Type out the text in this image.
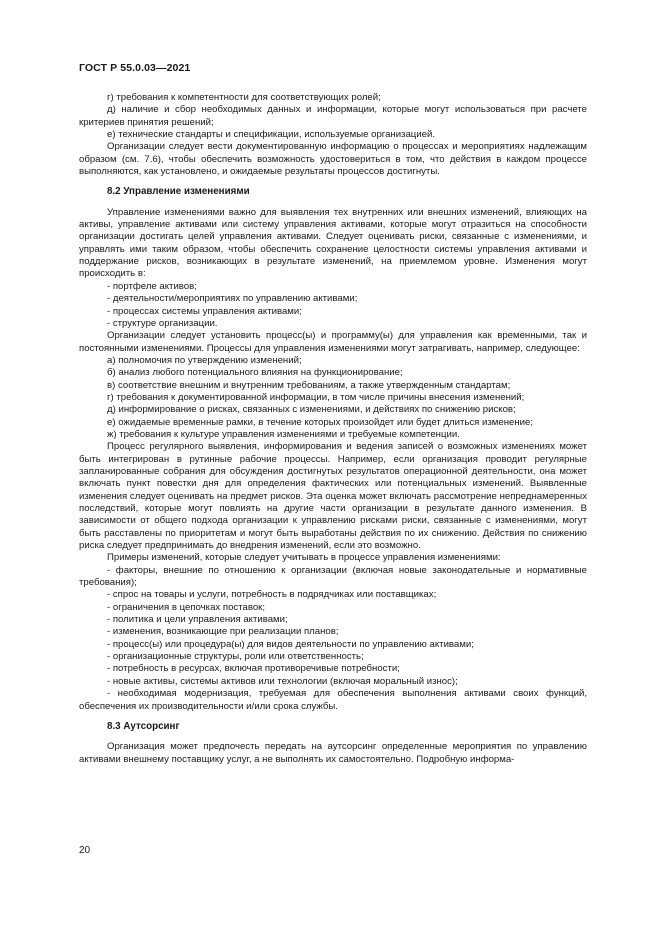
ГОСТ Р 55.0.03—2021

г) требования к компетентности для соответствующих ролей;

д) наличие и сбор необходимых данных и информации, которые могут использоваться при расчете критериев принятия решений;

е) технические стандарты и спецификации, используемые организацией.

Организации следует вести документированную информацию о процессах и мероприятиях надлежащим образом (см. 7.6), чтобы обеспечить возможность удостовериться в том, что действия в каждом процессе выполняются, как установлено, и ожидаемые результаты процессов достигнуты.

8.2 Управление изменениями

Управление изменениями важно для выявления тех внутренних или внешних изменений, влияющих на активы, управление активами или систему управления активами, которые могут отразиться на способности организации достигать целей управления активами. Следует оценивать риски, связанные с изменениями, и управлять ими таким образом, чтобы обеспечить сохранение целостности системы управления активами и поддержание рисков, возникающих в результате изменений, на приемлемом уровне. Изменения могут происходить в:

- портфеле активов;

- деятельности/мероприятиях по управлению активами;

- процессах системы управления активами;

- структуре организации.

Организации следует установить процесс(ы) и программу(ы) для управления как временными, так и постоянными изменениями. Процессы для управления изменениями могут затрагивать, например, следующее:

а) полномочия по утверждению изменений;

б) анализ любого потенциального влияния на функционирование;

в) соответствие внешним и внутренним требованиям, а также утвержденным стандартам;

г) требования к документированной информации, в том числе причины внесения изменений;

д) информирование о рисках, связанных с изменениями, и действиях по снижению рисков;

е) ожидаемые временные рамки, в течение которых произойдет или будет длиться изменение;

ж) требования к культуре управления изменениями и требуемые компетенции.

Процесс регулярного выявления, информирования и ведения записей о возможных изменениях может быть интегрирован в рутинные рабочие процессы. Например, если организация проводит регулярные запланированные собрания для обсуждения достигнутых результатов операционной деятельности, она может включать пункт повестки дня для определения фактических или потенциальных изменений. Выявленные изменения следует оценивать на предмет рисков. Эта оценка может включать рассмотрение непреднамеренных последствий, которые могут повлиять на другие части организации в результате данного изменения. В зависимости от общего подхода организации к управлению рисками риски, связанные с изменениями, могут быть расставлены по приоритетам и могут быть выработаны действия по их снижению. Действия по снижению риска следует предпринимать до внедрения изменений, если это возможно.

Примеры изменений, которые следует учитывать в процессе управления изменениями:

- факторы, внешние по отношению к организации (включая новые законодательные и нормативные требования);

- спрос на товары и услуги, потребность в подрядчиках или поставщиках;

- ограничения в цепочках поставок;

- политика и цели управления активами;

- изменения, возникающие при реализации планов;

- процесс(ы) или процедура(ы) для видов деятельности по управлению активами;

- организационные структуры, роли или ответственность;

- потребность в ресурсах, включая противоречивые потребности;

- новые активы, системы активов или технологии (включая моральный износ);

- необходимая модернизация, требуемая для обеспечения выполнения активами своих функций, обеспечения их производительности и/или срока службы.

8.3 Аутсорсинг

Организация может предпочесть передать на аутсорсинг определенные мероприятия по управлению активами внешнему поставщику услуг, а не выполнять их самостоятельно. Подробную информа-

20
